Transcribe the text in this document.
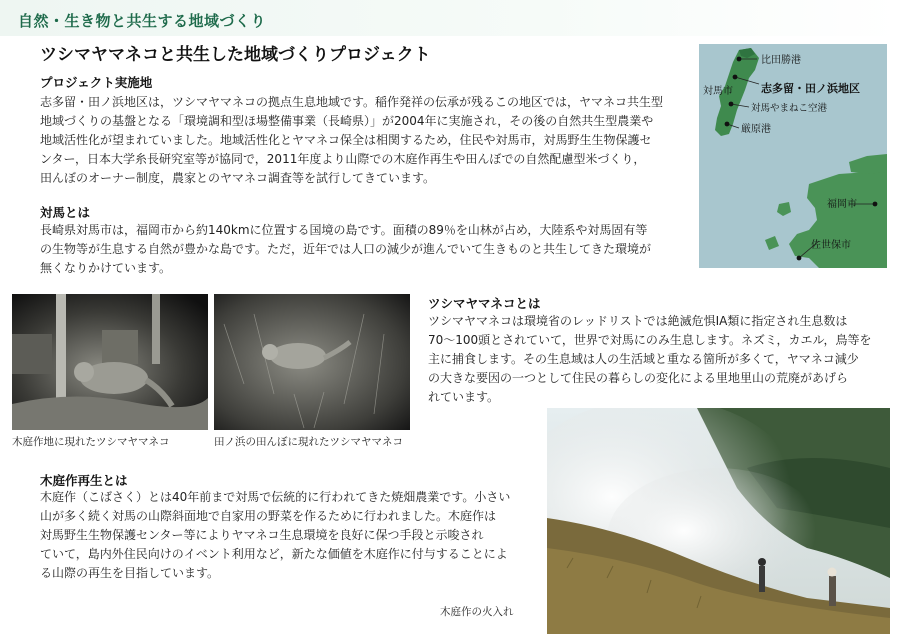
自然・生き物と共生する地域づくり
ツシマヤマネコと共生した地域づくりプロジェクト
プロジェクト実施地
志多留・田ノ浜地区は，ツシマヤマネコの拠点生息地域です。稲作発祥の伝承が残るこの地区では，ヤマネコ共生型
地域づくりの基盤となる「環境調和型ほ場整備事業（長崎県）」が2004年に実施され，その後の自然共生型農業や
地域活性化が望まれていました。地域活性化とヤマネコ保全は相関するため，住民や対馬市，対馬野生生物保護セ
ンター，日本大学糸長研究室等が協同で，2011年度より山際での木庭作再生や田んぼでの自然配慮型米づくり，
田んぼのオーナー制度，農家とのヤマネコ調査等を試行してきています。
対馬とは
長崎県対馬市は，福岡市から約140kmに位置する国境の島です。面積の89％を山林が占め，大陸系や対馬固有等
の生物等が生息する自然が豊かな島です。ただ，近年では人口の減少が進んでいて生きものと共生してきた環境が
無くなりかけています。
比田勝港
志多留・田ノ浜地区
対馬市
対馬やまねこ空港
厳原港
福岡市
佐世保市
木庭作地に現れたツシマヤマネコ	田ノ浜の田んぼに現れたツシマヤマネコ
ツシマヤマネコとは
ツシマヤマネコは環境省のレッドリストでは絶滅危惧ⅠA類に指定され生息数は
70〜100頭とされていて，世界で対馬にのみ生息します。ネズミ，カエル，鳥等を
主に捕食します。その生息域は人の生活域と重なる箇所が多くて，ヤマネコ減少
の大きな要因の一つとして住民の暮らしの変化による里地里山の荒廃があげら
れています。
木庭作の火入れ
木庭作再生とは
木庭作（こばさく）とは40年前まで対馬で伝統的に行われてきた焼畑農業です。小さい
山が多く続く対馬の山際斜面地で自家用の野菜を作るために行われました。木庭作は
対馬野生生物保護センター等によりヤマネコ生息環境を良好に保つ手段と示唆され
ていて，島内外住民向けのイベント利用など，新たな価値を木庭作に付与することによ
る山際の再生を目指しています。
